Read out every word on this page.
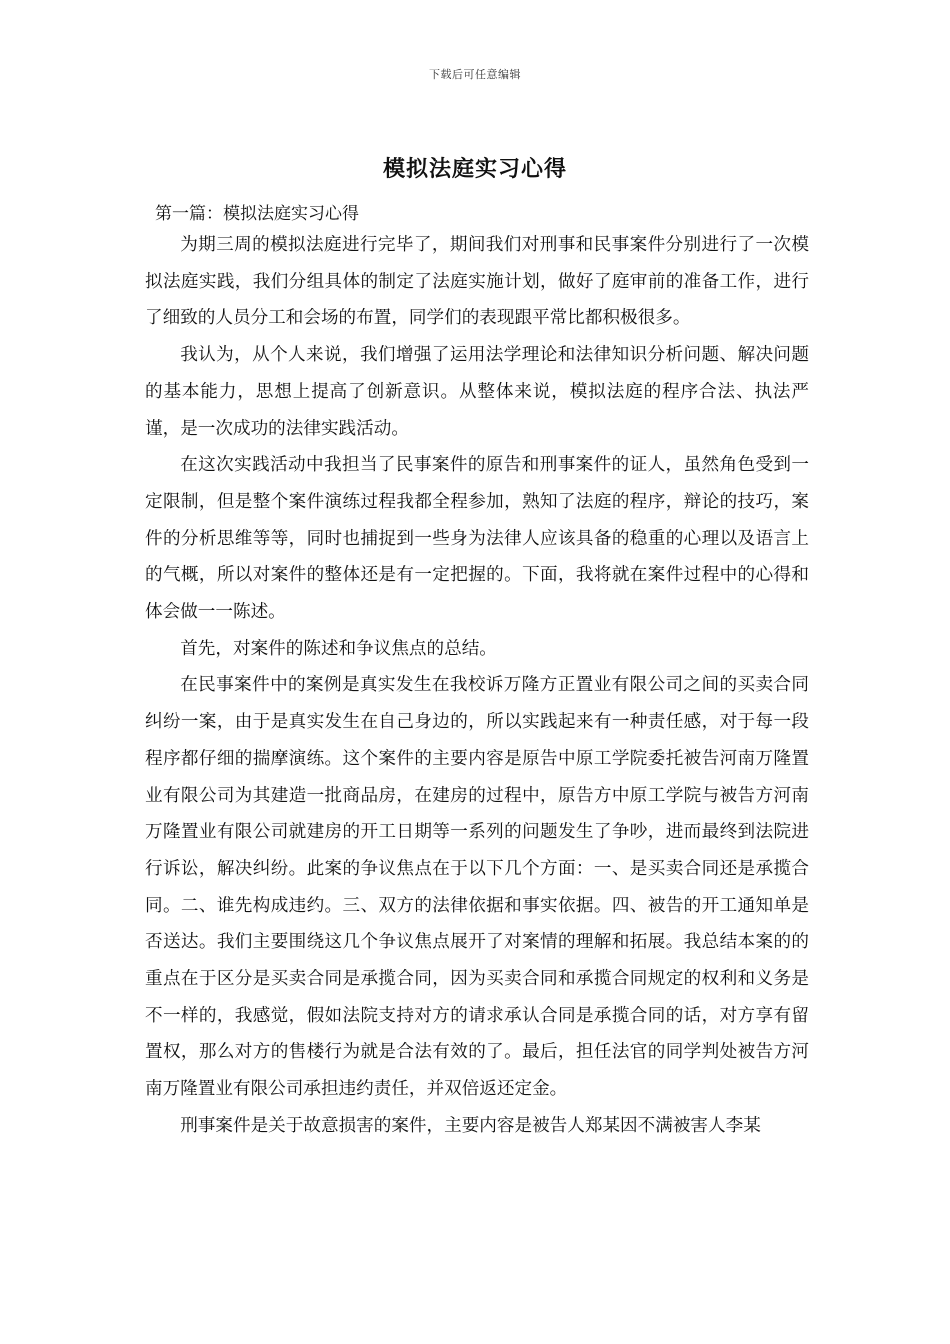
下载后可任意编辑
模拟法庭实习心得
第一篇：模拟法庭实习心得

为期三周的模拟法庭进行完毕了，期间我们对刑事和民事案件分别进行了一次模拟法庭实践，我们分组具体的制定了法庭实施计划，做好了庭审前的准备工作，进行了细致的人员分工和会场的布置，同学们的表现跟平常比都积极很多。

我认为，从个人来说，我们增强了运用法学理论和法律知识分析问题、解决问题的基本能力，思想上提高了创新意识。从整体来说，模拟法庭的程序合法、执法严谨，是一次成功的法律实践活动。

在这次实践活动中我担当了民事案件的原告和刑事案件的证人，虽然角色受到一定限制，但是整个案件演练过程我都全程参加，熟知了法庭的程序，辩论的技巧，案件的分析思维等等，同时也捕捉到一些身为法律人应该具备的稳重的心理以及语言上的气概，所以对案件的整体还是有一定把握的。下面，我将就在案件过程中的心得和体会做一一陈述。

首先，对案件的陈述和争议焦点的总结。

在民事案件中的案例是真实发生在我校诉万隆方正置业有限公司之间的买卖合同纠纷一案，由于是真实发生在自己身边的，所以实践起来有一种责任感，对于每一段程序都仔细的揣摩演练。这个案件的主要内容是原告中原工学院委托被告河南万隆置业有限公司为其建造一批商品房，在建房的过程中，原告方中原工学院与被告方河南万隆置业有限公司就建房的开工日期等一系列的问题发生了争吵，进而最终到法院进行诉讼，解决纠纷。此案的争议焦点在于以下几个方面：一、是买卖合同还是承揽合同。二、谁先构成违约。三、双方的法律依据和事实依据。四、被告的开工通知单是否送达。我们主要围绕这几个争议焦点展开了对案情的理解和拓展。我总结本案的的重点在于区分是买卖合同是承揽合同，因为买卖合同和承揽合同规定的权利和义务是不一样的，我感觉，假如法院支持对方的请求承认合同是承揽合同的话，对方享有留置权，那么对方的售楼行为就是合法有效的了。最后，担任法官的同学判处被告方河南万隆置业有限公司承担违约责任，并双倍返还定金。

刑事案件是关于故意损害的案件，主要内容是被告人郑某因不满被害人李某
